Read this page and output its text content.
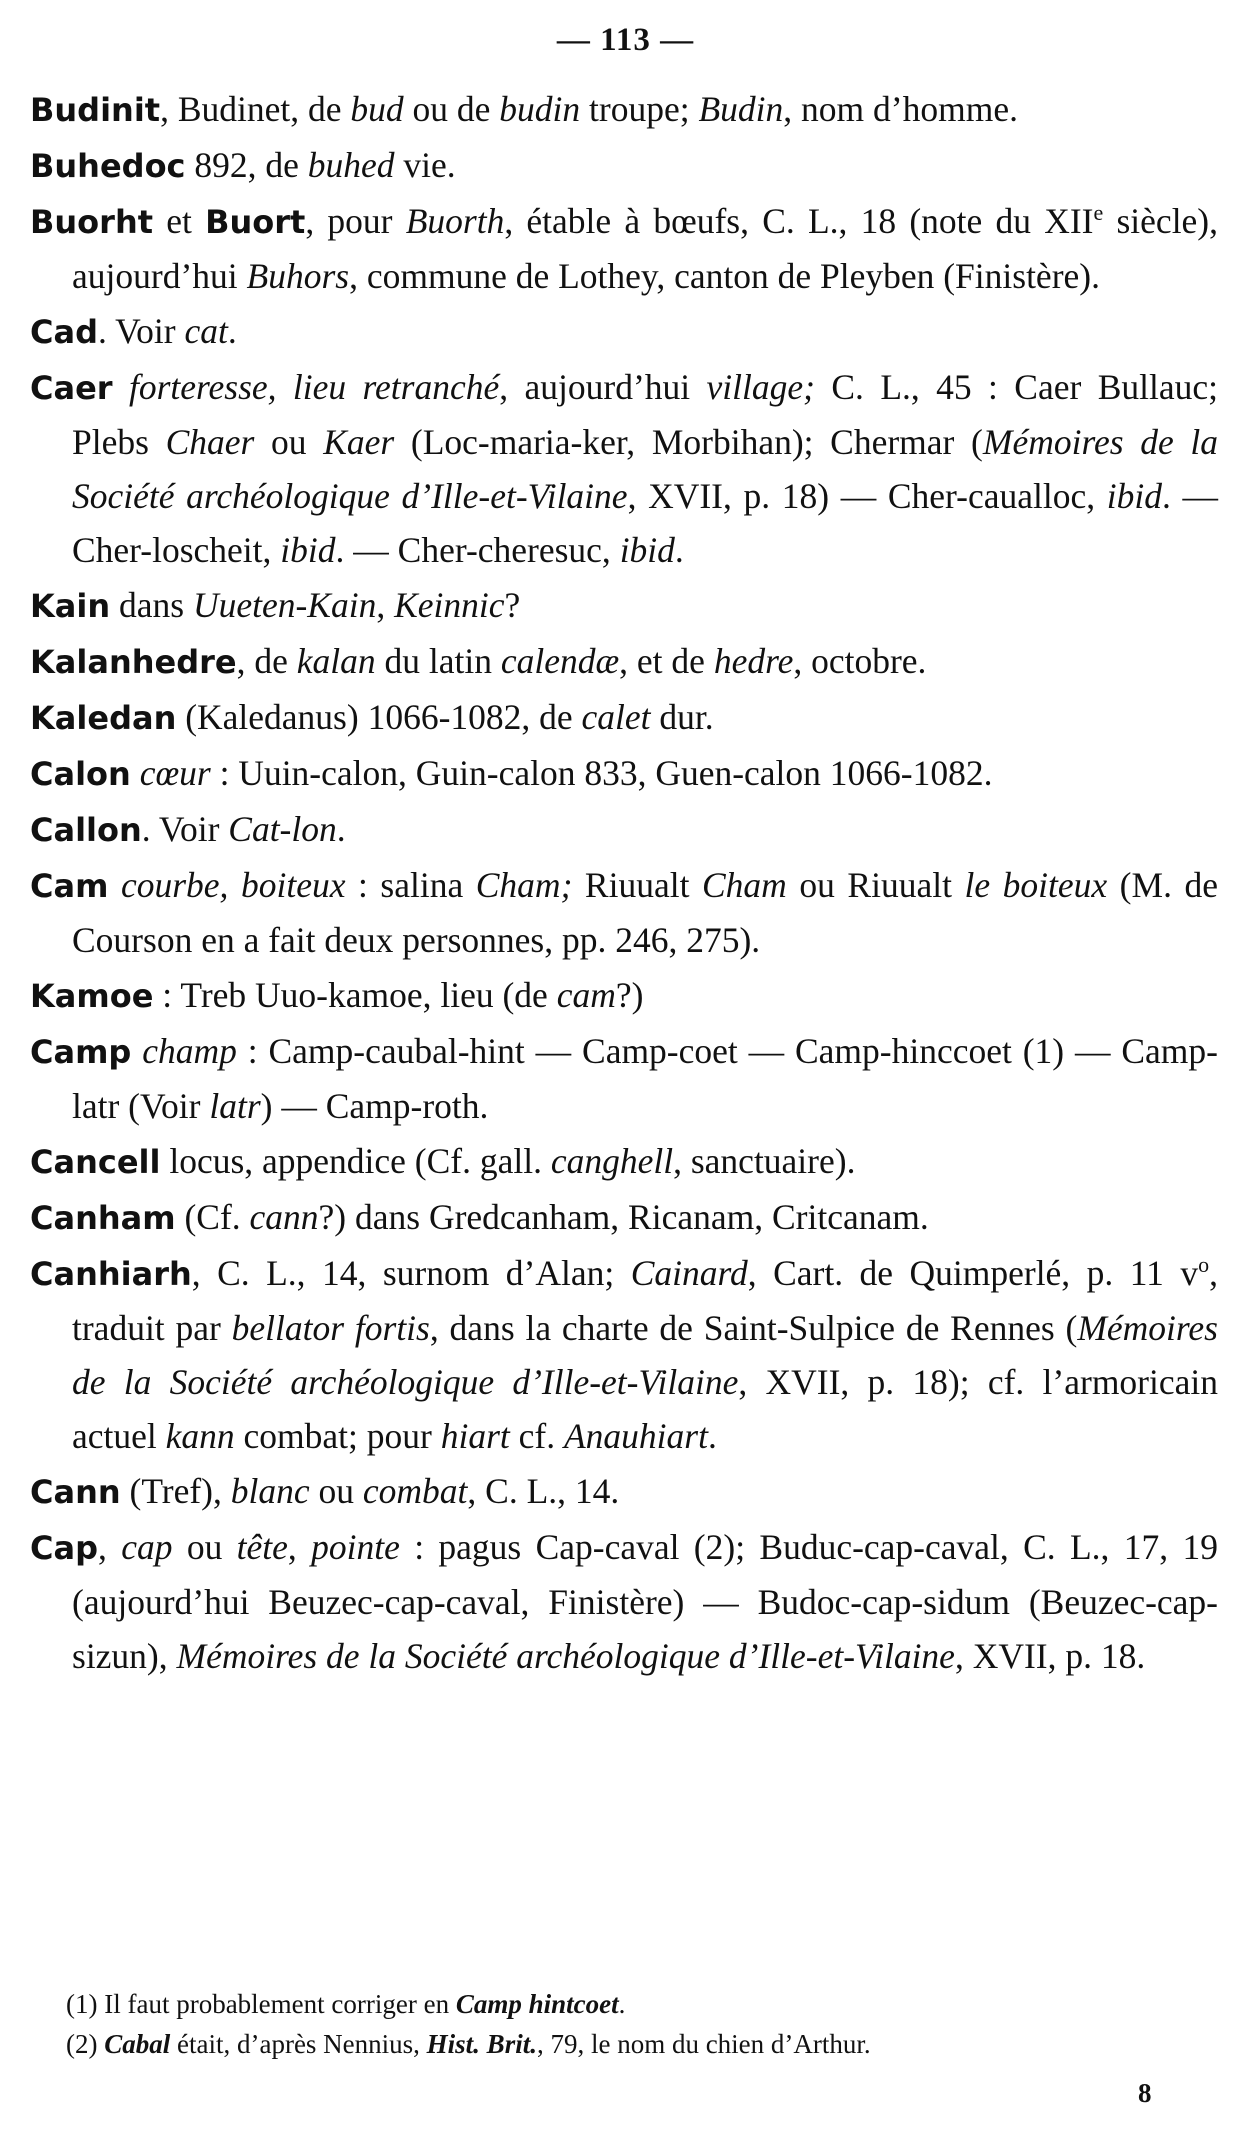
— 113 —

Budinit, Budinet, de bud ou de budin troupe; Budin, nom d’homme.

Buhedoc 892, de buhed vie.

Buorht et Buort, pour Buorth, étable à bœufs, C. L., 18 (note du XIIe siècle), aujourd’hui Buhors, commune de Lothey, canton de Pleyben (Finistère).

Cad. Voir cat.

Caer forteresse, lieu retranché, aujourd’hui village; C. L., 45 : Caer Bullauc; Plebs Chaer ou Kaer (Loc-maria-ker, Morbihan); Chermar (Mémoires de la Société archéologique d’Ille-et-Vilaine, XVII, p. 18) — Cher-caualloc, ibid. — Cher-loscheit, ibid. — Cher-cheresuc, ibid.

Kain dans Uueten-Kain, Keinnic?

Kalanhedre, de kalan du latin calendæ, et de hedre, octobre.

Kaledan (Kaledanus) 1066-1082, de calet dur.

Calon cœur : Uuin-calon, Guin-calon 833, Guen-calon 1066-1082.

Callon. Voir Cat-lon.

Cam courbe, boiteux : salina Cham; Riuualt Cham ou Riuualt le boiteux (M. de Courson en a fait deux personnes, pp. 246, 275).

Kamoe : Treb Uuo-kamoe, lieu (de cam?)

Camp champ : Camp-caubal-hint — Camp-coet — Camp-hinccoet (1) — Camp-latr (Voir latr) — Camp-roth.

Cancell locus, appendice (Cf. gall. canghell, sanctuaire).

Canham (Cf. cann?) dans Gredcanham, Ricanam, Critcanam.

Canhiarh, C. L., 14, surnom d’Alan; Cainard, Cart. de Quimperlé, p. 11 $v^o$, traduit par bellator fortis, dans la charte de Saint-Sulpice de Rennes (Mémoires de la Société archéologique d’Ille-et-Vilaine, XVII, p. 18); cf. l’armoricain actuel kann combat; pour hiart cf. Anauhiart.

Cann (Tref), blanc ou combat, C. L., 14.

Cap, cap ou tête, pointe : pagus Cap-caval (2); Buduc-cap-caval, C. L., 17, 19 (aujourd’hui Beuzec-cap-caval, Finistère) — Budoc-cap-sidum (Beuzec-cap-sizun), Mémoires de la Société archéologique d’Ille-et-Vilaine, XVII, p. 18.

(1) Il faut probablement corriger en Camp hintcoet.

(2) Cabal était, d’après Nennius, Hist. Brit., 79, le nom du chien d’Arthur.

8
